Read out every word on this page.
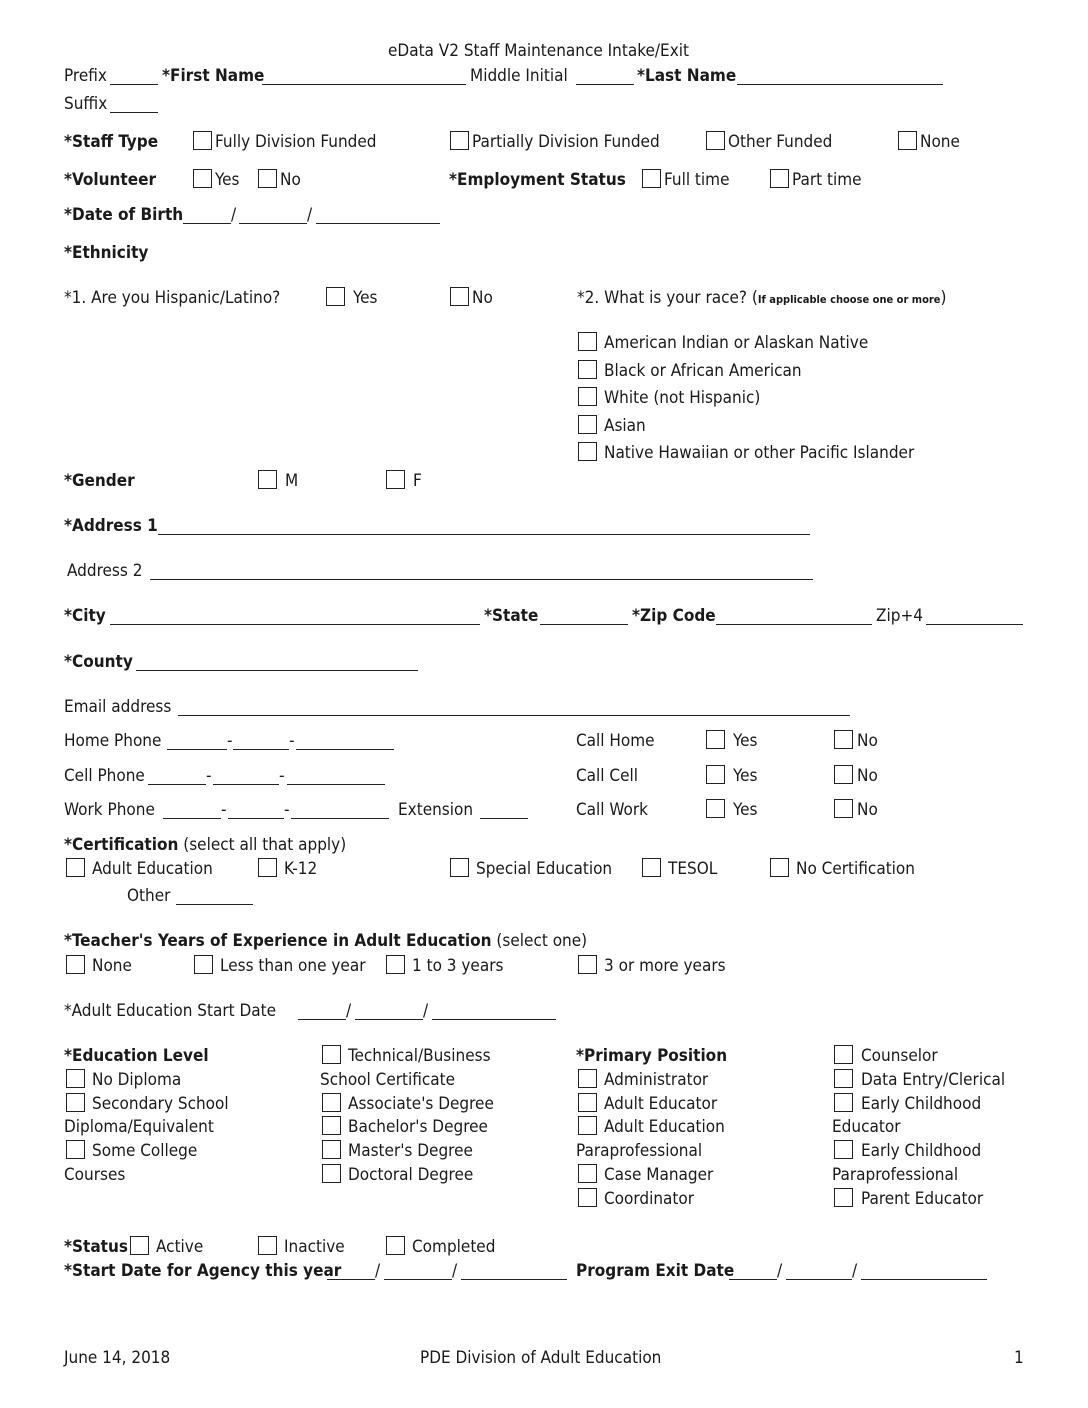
eData V2 Staff Maintenance Intake/Exit
Prefix	*First Name	Middle Initial	*Last Name
Suffix
*Staff Type	Fully Division Funded	Partially Division Funded	Other Funded	None
*Volunteer	Yes No	*Employment Status Full time	Part time
*Date of Birth	/	/
*Ethnicity
*1. Are you Hispanic/Latino?	Yes	No	*2. What is your race? (If applicable choose one or more)
American Indian or Alaskan Native
Black or African American
White (not Hispanic)
Asian
Native Hawaiian or other Pacific Islander
*Gender	M	F
*Address 1
Address 2
*City	*State	*Zip Code	Zip+4
*County
Email address
Home Phone	-	-
Cell Phone	-	-
Work Phone	-	-	Extension
Call Home	Yes	No
Call Cell	Yes	No
Call Work	Yes	No
*Certification (select all that apply)
Adult Education	K-12	Special Education	TESOL	No Certification
Other
*Teacher's Years of Experience in Adult Education (select one)
None	Less than one year	1 to 3 years	3 or more years
*Adult Education Start Date	/	/
*Education Level
No Diploma
Secondary School
Diploma/Equivalent
Some College
Courses
Technical/Business
School Certificate
Associate's Degree
Bachelor's Degree
Master's Degree
Doctoral Degree
*Primary Position
Administrator
Adult Educator
Adult Education
Paraprofessional
Case Manager
Coordinator
Counselor
Data Entry/Clerical
Early Childhood
Educator
Early Childhood
Paraprofessional
Parent Educator
*Status Active	Inactive	Completed
*Start Date for Agency this year /	/	Program Exit Date	/	/
June 14, 2018	PDE Division of Adult Education	1
